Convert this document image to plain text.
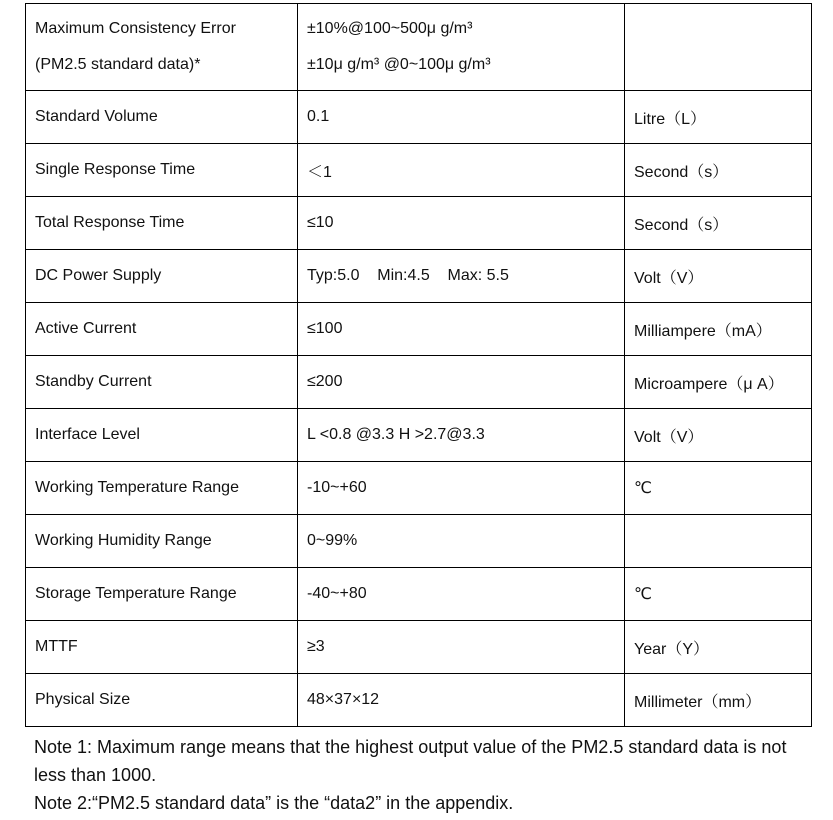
Maximum Consistency Error
(PM2.5 standard data)*	±10%@100~500μ g/m³
±10μ g/m³ @0~100μ g/m³	

Standard Volume	0.1	Litre（L）
Single Response Time	＜1	Second（s）
Total Response Time	≤10	Second（s）
DC Power Supply	Typ:5.0    Min:4.5    Max: 5.5	Volt（V）
Active Current	≤100	Milliampere（mA）
Standby Current	≤200	Microampere（μ A）
Interface Level	L <0.8 @3.3 H >2.7@3.3	Volt（V）
Working Temperature Range	-10~+60	℃
Working Humidity Range	0~99%	
Storage Temperature Range	-40~+80	℃
MTTF	≥3	Year（Y）
Physical Size	48×37×12	Millimeter（mm）

Note 1: Maximum range means that the highest output value of the PM2.5 standard data is not less than 1000.

Note 2:“PM2.5 standard data” is the “data2” in the appendix.
